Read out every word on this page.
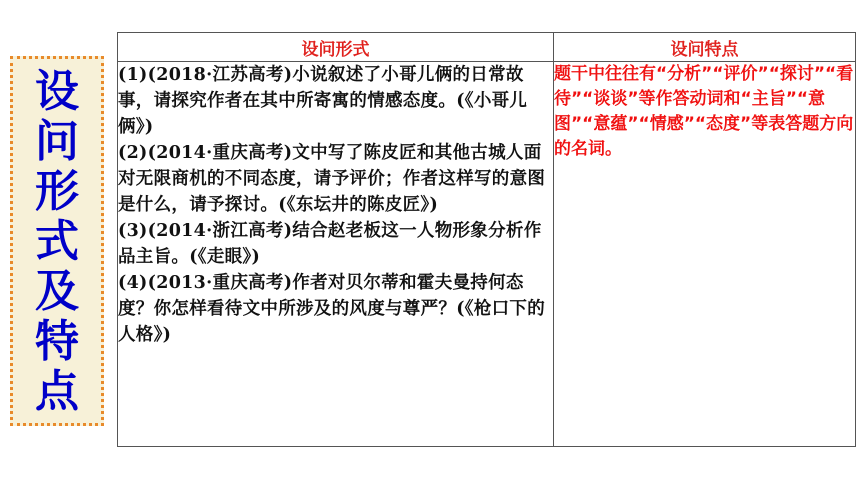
设
问
形
式
及
特
点
设问形式	设问特点

(1)(2018·江苏高考)小说叙述了小哥儿俩的日常故事，请探究作者在其中所寄寓的情感态度。(《小哥儿俩》)

(2)(2014·重庆高考)文中写了陈皮匠和其他古城人面对无限商机的不同态度，请予评价；作者这样写的意图是什么，请予探讨。(《东坛井的陈皮匠》)

(3)(2014·浙江高考)结合赵老板这一人物形象分析作品主旨。(《走眼》)

(4)(2013·重庆高考)作者对贝尔蒂和霍夫曼持何态度？你怎样看待文中所涉及的风度与尊严？(《枪口下的人格》)	题干中往往有“分析”“评价”“探讨”“看待”“谈谈”等作答动词和“主旨”“意图”“意蕴”“情感”“态度”等表答题方向的名词。
